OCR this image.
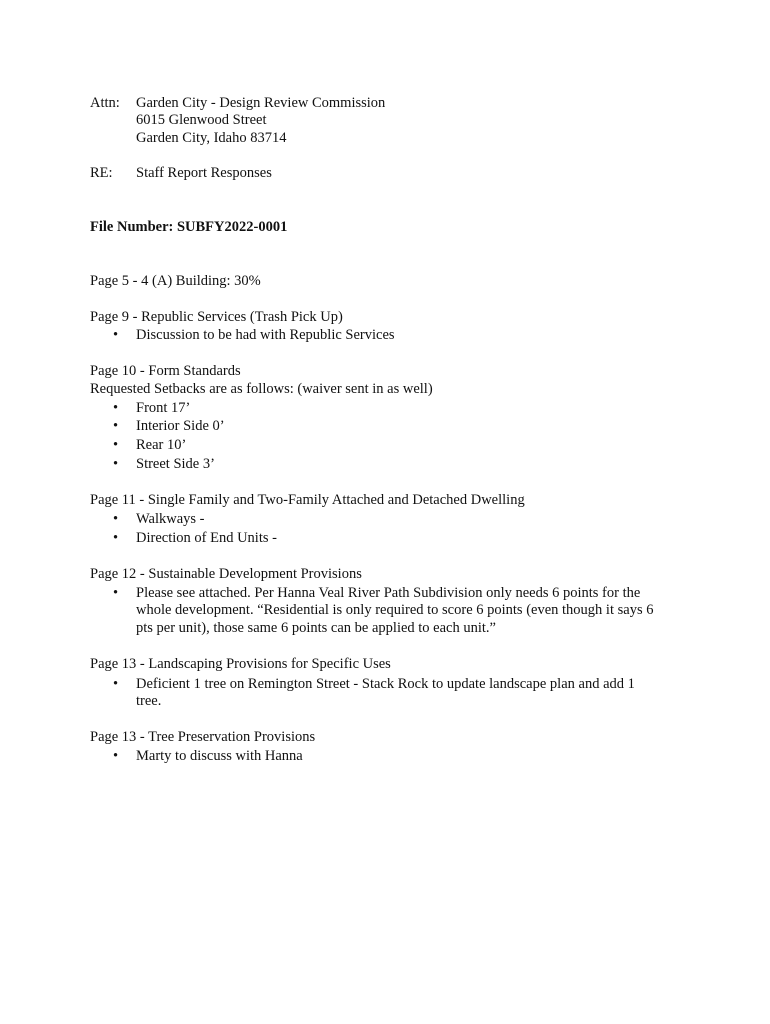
Attn: Garden City - Design Review Commission
6015 Glenwood Street
Garden City, Idaho 83714
RE: Staff Report Responses
File Number: SUBFY2022-0001
Page 5 - 4 (A) Building: 30%
Page 9 - Republic Services (Trash Pick Up)
• Discussion to be had with Republic Services
Page 10 - Form Standards
Requested Setbacks are as follows: (waiver sent in as well)
• Front 17’
• Interior Side 0’
• Rear 10’
• Street Side 3’
Page 11 - Single Family and Two-Family Attached and Detached Dwelling
• Walkways -
• Direction of End Units -
Page 12 - Sustainable Development Provisions
• Please see attached. Per Hanna Veal River Path Subdivision only needs 6 points for the
whole development. “Residential is only required to score 6 points (even though it says 6
pts per unit), those same 6 points can be applied to each unit.”
Page 13 - Landscaping Provisions for Specific Uses
• Deficient 1 tree on Remington Street - Stack Rock to update landscape plan and add 1
tree.
Page 13 - Tree Preservation Provisions
• Marty to discuss with Hanna
